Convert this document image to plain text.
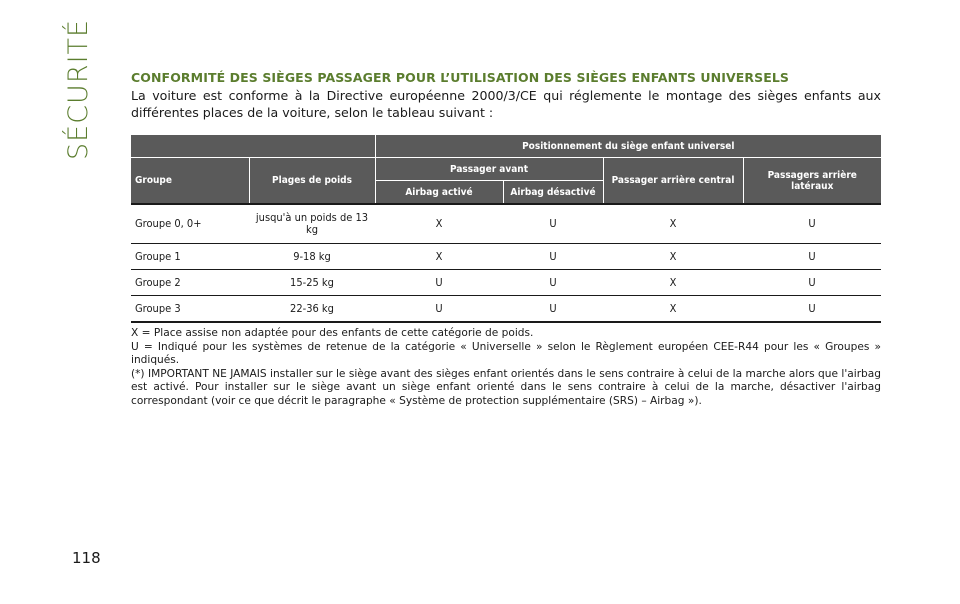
SÉCURITÉ	CONFORMITÉ DES SIÈGES PASSAGER POUR L’UTILISATION DES SIÈGES ENFANTS UNIVERSELS

La voiture est conforme à la Directive européenne 2000/3/CE qui réglemente le montage des sièges enfants aux différentes places de la voiture, selon le tableau suivant :

		Positionnement du siège enfant universel			
Groupe	Plages de poids	Passager avant		Passager arrière central	Passagers arrière latéraux
		Airbag activé	Airbag désactivé		
Groupe 0, 0+	jusqu'à un poids de 13 kg	X	U	X	U
Groupe 1	9-18 kg	X	U	X	U
Groupe 2	15-25 kg	U	U	X	U
Groupe 3	22-36 kg	U	U	X	U

X = Place assise non adaptée pour des enfants de cette catégorie de poids.

U = Indiqué pour les systèmes de retenue de la catégorie « Universelle » selon le Règlement européen CEE-R44 pour les « Groupes » indiqués.

(*) IMPORTANT NE JAMAIS installer sur le siège avant des sièges enfant orientés dans le sens contraire à celui de la marche alors que l'airbag est activé. Pour installer sur le siège avant un siège enfant orienté dans le sens contraire à celui de la marche, désactiver l'airbag correspondant (voir ce que décrit le paragraphe « Système de protection supplémentaire (SRS) – Airbag »).

118
